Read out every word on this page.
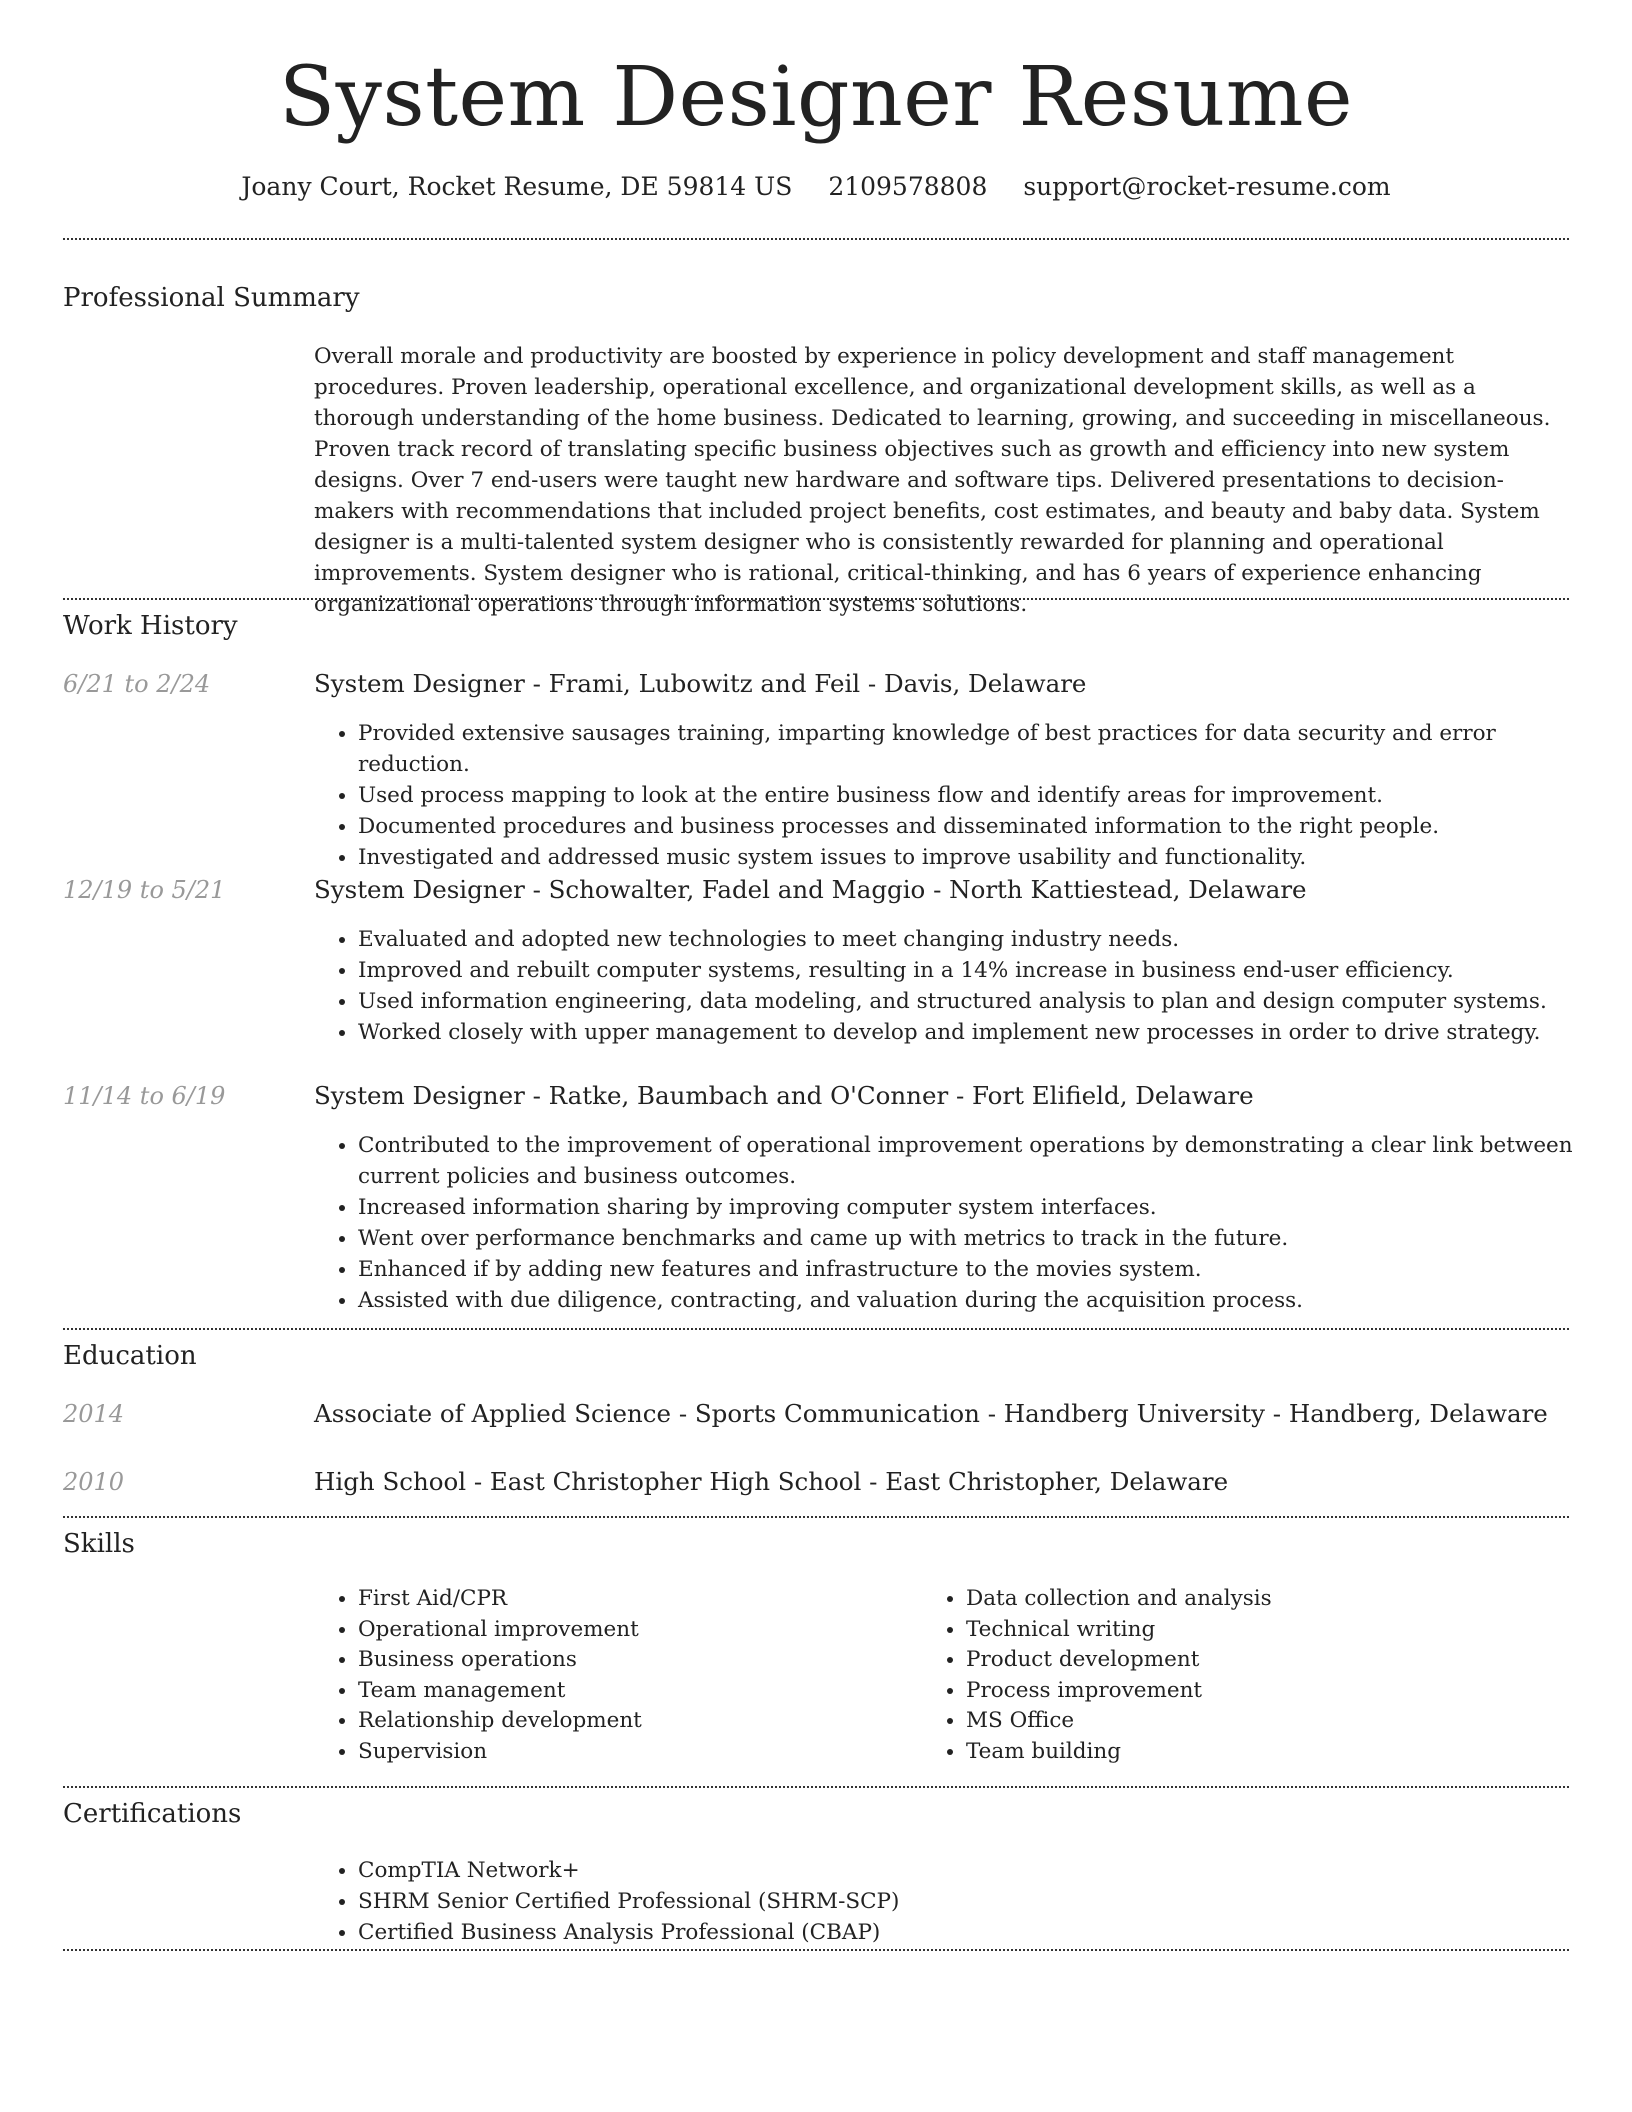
System Designer Resume
Joany Court, Rocket Resume, DE 59814 US 2109578808 support@rocket-resume.com
Professional Summary

Overall morale and productivity are boosted by experience in policy development and staff management procedures. Proven leadership, operational excellence, and organizational development skills, as well as a thorough understanding of the home business. Dedicated to learning, growing, and succeeding in miscellaneous. Proven track record of translating specific business objectives such as growth and efficiency into new system designs. Over 7 end-users were taught new hardware and software tips. Delivered presentations to decision-makers with recommendations that included project benefits, cost estimates, and beauty and baby data. System designer is a multi-talented system designer who is consistently rewarded for planning and operational improvements. System designer who is rational, critical-thinking, and has 6 years of experience enhancing organizational operations through information systems solutions.

Work History
6/21 to 2/24	System Designer - Frami, Lubowitz and Feil - Davis, Delaware
• Provided extensive sausages training, imparting knowledge of best practices for data security and error reduction.
• Used process mapping to look at the entire business flow and identify areas for improvement.
• Documented procedures and business processes and disseminated information to the right people.
• Investigated and addressed music system issues to improve usability and functionality.
12/19 to 5/21	System Designer - Schowalter, Fadel and Maggio - North Kattiestead, Delaware
• Evaluated and adopted new technologies to meet changing industry needs.
• Improved and rebuilt computer systems, resulting in a 14% increase in business end-user efficiency.
• Used information engineering, data modeling, and structured analysis to plan and design computer systems.
• Worked closely with upper management to develop and implement new processes in order to drive strategy.
11/14 to 6/19	System Designer - Ratke, Baumbach and O'Conner - Fort Elifield, Delaware
• Contributed to the improvement of operational improvement operations by demonstrating a clear link between current policies and business outcomes.
• Increased information sharing by improving computer system interfaces.
• Went over performance benchmarks and came up with metrics to track in the future.
• Enhanced if by adding new features and infrastructure to the movies system.
• Assisted with due diligence, contracting, and valuation during the acquisition process.
Education
2014	Associate of Applied Science - Sports Communication - Handberg University - Handberg, Delaware
2010	High School - East Christopher High School - East Christopher, Delaware
Skills
• First Aid/CPR
• Operational improvement
• Business operations
• Team management
• Relationship development
• Supervision
• Data collection and analysis
• Technical writing
• Product development
• Process improvement
• MS Office
• Team building
Certifications
• CompTIA Network+
• SHRM Senior Certified Professional (SHRM-SCP)
• Certified Business Analysis Professional (CBAP)
